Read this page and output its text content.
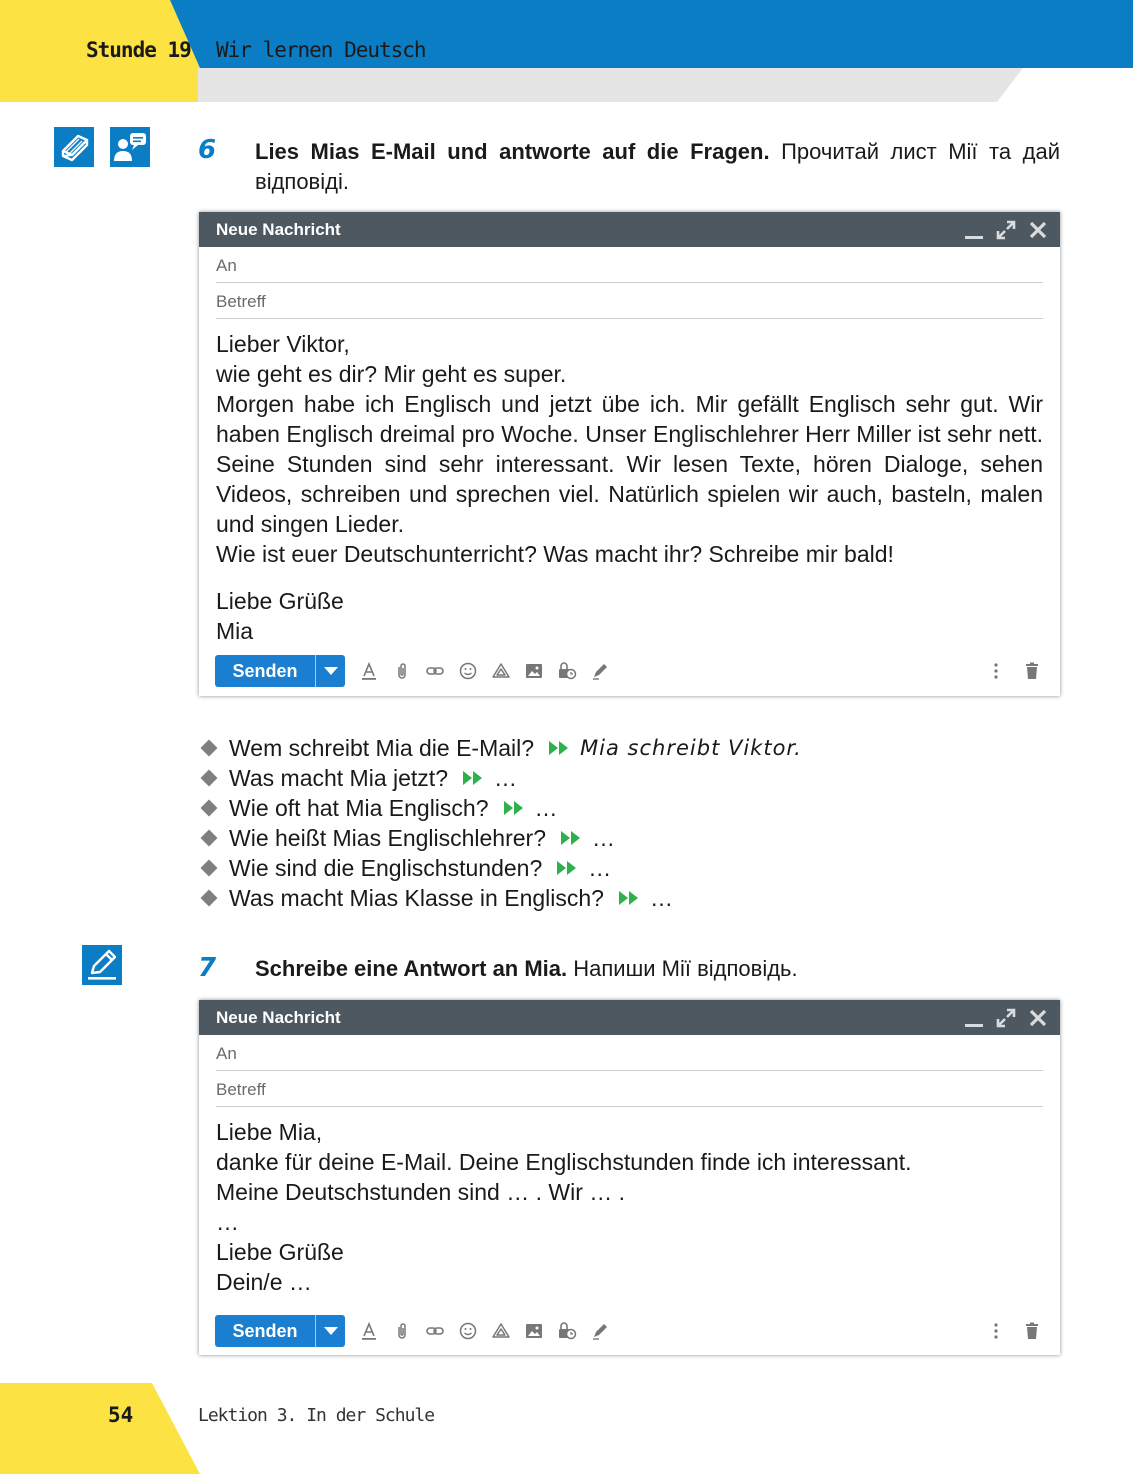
Stunde 19 Wir lernen Deutsch
6 Lies Mias E-Mail und antworte auf die Fragen. Прочитай лист Мії та дай відповіді.
Neue Nachricht
An
Betreff

Lieber Viktor,

wie geht es dir? Mir geht es super.

Morgen habe ich Englisch und jetzt übe ich. Mir gefällt Englisch sehr gut. Wir haben Englisch dreimal pro Woche. Unser Englischlehrer Herr Miller ist sehr nett. Seine Stunden sind sehr interessant. Wir lesen Texte, hören Dialoge, sehen Videos, schreiben und sprechen viel. Natürlich spielen wir auch, basteln, malen und singen Lieder.

Wie ist euer Deutschunterricht? Was macht ihr? Schreibe mir bald!

Liebe Grüße

Mia

Senden
Wem schreibt Mia die E-Mail? Mia schreibt Viktor.
Was macht Mia jetzt? …
Wie oft hat Mia Englisch? …
Wie heißt Mias Englischlehrer? …
Wie sind die Englischstunden? …
Was macht Mias Klasse in Englisch? …
7 Schreibe eine Antwort an Mia. Напиши Мії відповідь.
Neue Nachricht
An
Betreff

Liebe Mia,

danke für deine E-Mail. Deine Englischstunden finde ich interessant.

Meine Deutschstunden sind … . Wir … .

…

Liebe Grüße

Dein/e …

Senden
54	Lektion 3. In der Schule
